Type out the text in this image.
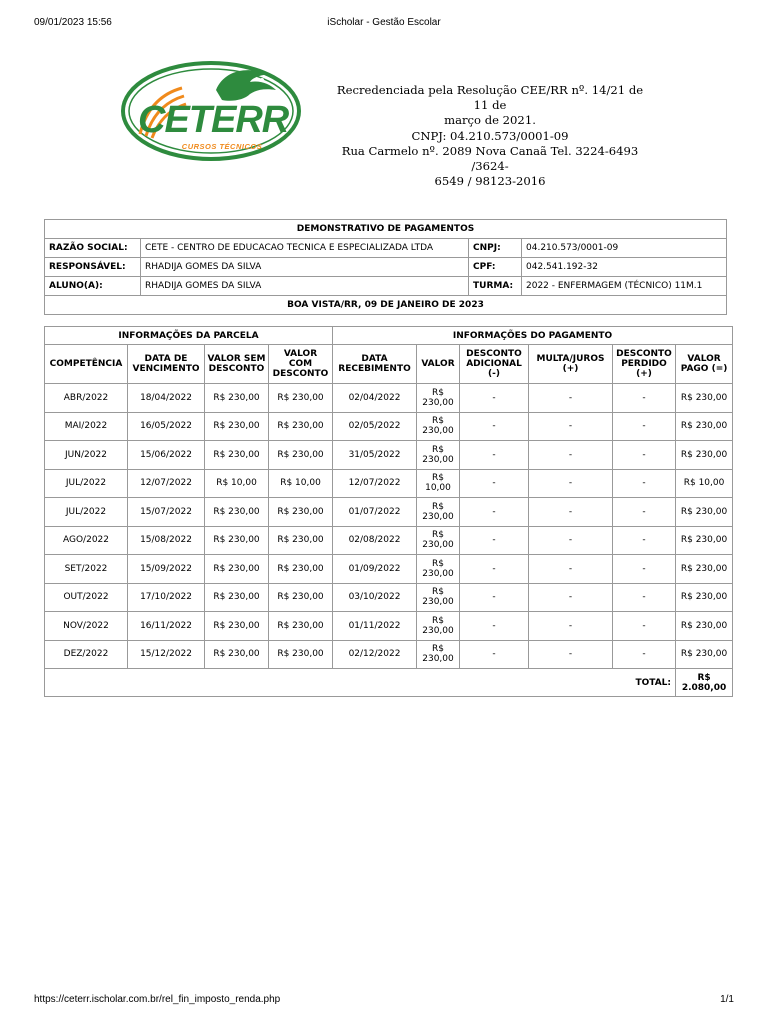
iScholar - Gestão Escolar
09/01/2023 15:56
CETERR
CURSOS TÉCNICOS
Recredenciada pela Resolução CEE/RR nº. 14/21 de 11 de
março de 2021.
CNPJ: 04.210.573/0001-09
Rua Carmelo nº. 2089 Nova Canaã Tel. 3224-6493 /3624-
6549 / 98123-2016
DEMONSTRATIVO DE PAGAMENTOS
RAZÃO SOCIAL:	CETE - CENTRO DE EDUCACAO TECNICA E ESPECIALIZADA LTDA	CNPJ:	04.210.573/0001-09
RESPONSÁVEL:	RHADIJA GOMES DA SILVA	CPF:	042.541.192-32
ALUNO(A):	RHADIJA GOMES DA SILVA	TURMA:	2022 - ENFERMAGEM (TÉCNICO) 11M.1
BOA VISTA/RR, 09 DE JANEIRO DE 2023
INFORMAÇÕES DA PARCELA				INFORMAÇÕES DO PAGAMENTO					
COMPETÊNCIA	DATA DE VENCIMENTO	VALOR SEM DESCONTO	VALOR COM DESCONTO	DATA RECEBIMENTO	VALOR	DESCONTO ADICIONAL (-)	MULTA/JUROS (+)	DESCONTO PERDIDO (+)	VALOR PAGO (=)
ABR/2022	18/04/2022	R$ 230,00	R$ 230,00	02/04/2022	R$ 230,00	-	-	-	R$ 230,00
MAI/2022	16/05/2022	R$ 230,00	R$ 230,00	02/05/2022	R$ 230,00	-	-	-	R$ 230,00
JUN/2022	15/06/2022	R$ 230,00	R$ 230,00	31/05/2022	R$ 230,00	-	-	-	R$ 230,00
JUL/2022	12/07/2022	R$ 10,00	R$ 10,00	12/07/2022	R$ 10,00	-	-	-	R$ 10,00
JUL/2022	15/07/2022	R$ 230,00	R$ 230,00	01/07/2022	R$ 230,00	-	-	-	R$ 230,00
AGO/2022	15/08/2022	R$ 230,00	R$ 230,00	02/08/2022	R$ 230,00	-	-	-	R$ 230,00
SET/2022	15/09/2022	R$ 230,00	R$ 230,00	01/09/2022	R$ 230,00	-	-	-	R$ 230,00
OUT/2022	17/10/2022	R$ 230,00	R$ 230,00	03/10/2022	R$ 230,00	-	-	-	R$ 230,00
NOV/2022	16/11/2022	R$ 230,00	R$ 230,00	01/11/2022	R$ 230,00	-	-	-	R$ 230,00
DEZ/2022	15/12/2022	R$ 230,00	R$ 230,00	02/12/2022	R$ 230,00	-	-	-	R$ 230,00
TOTAL:									R$ 2.080,00
https://ceterr.ischolar.com.br/rel_fin_imposto_renda.php	1/1
